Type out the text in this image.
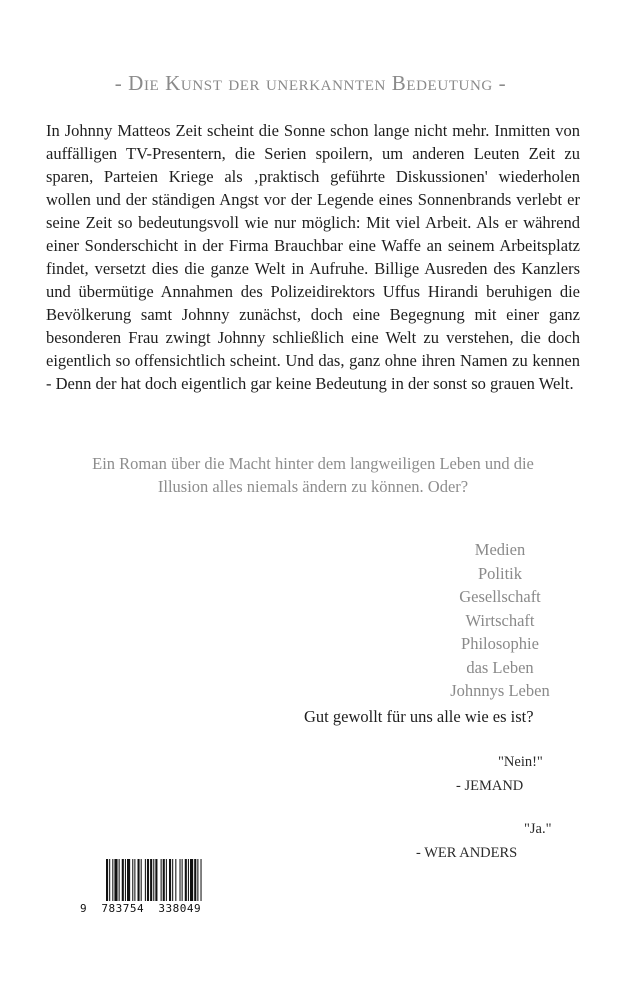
- Die Kunst der unerkannten Bedeutung -

In Johnny Matteos Zeit scheint die Sonne schon lange nicht mehr. Inmitten von auffälligen TV-Presentern, die Serien spoilern, um anderen Leuten Zeit zu sparen, Parteien Kriege als ‚praktisch geführte Diskussionen' wiederholen wollen und der ständigen Angst vor der Legende eines Sonnenbrands verlebt er seine Zeit so bedeutungsvoll wie nur möglich: Mit viel Arbeit. Als er während einer Sonderschicht in der Firma Brauchbar eine Waffe an seinem Arbeitsplatz findet, versetzt dies die ganze Welt in Aufruhe. Billige Ausreden des Kanzlers und übermütige Annahmen des Polizeidirektors Uffus Hirandi beruhigen die Bevölkerung samt Johnny zunächst, doch eine Begegnung mit einer ganz besonderen Frau zwingt Johnny schließlich eine Welt zu verstehen, die doch eigentlich so offensichtlich scheint. Und das, ganz ohne ihren Namen zu kennen - Denn der hat doch eigentlich gar keine Bedeutung in der sonst so grauen Welt.

Ein Roman über die Macht hinter dem langweiligen Leben und die
Illusion alles niemals ändern zu können. Oder?
Medien
Politik
Gesellschaft
Wirtschaft
Philosophie
das Leben
Johnnys Leben

Gut gewollt für uns alle wie es ist?

"Nein!"

- JEMAND

"Ja."

- WER ANDERS

9  783754  338049
